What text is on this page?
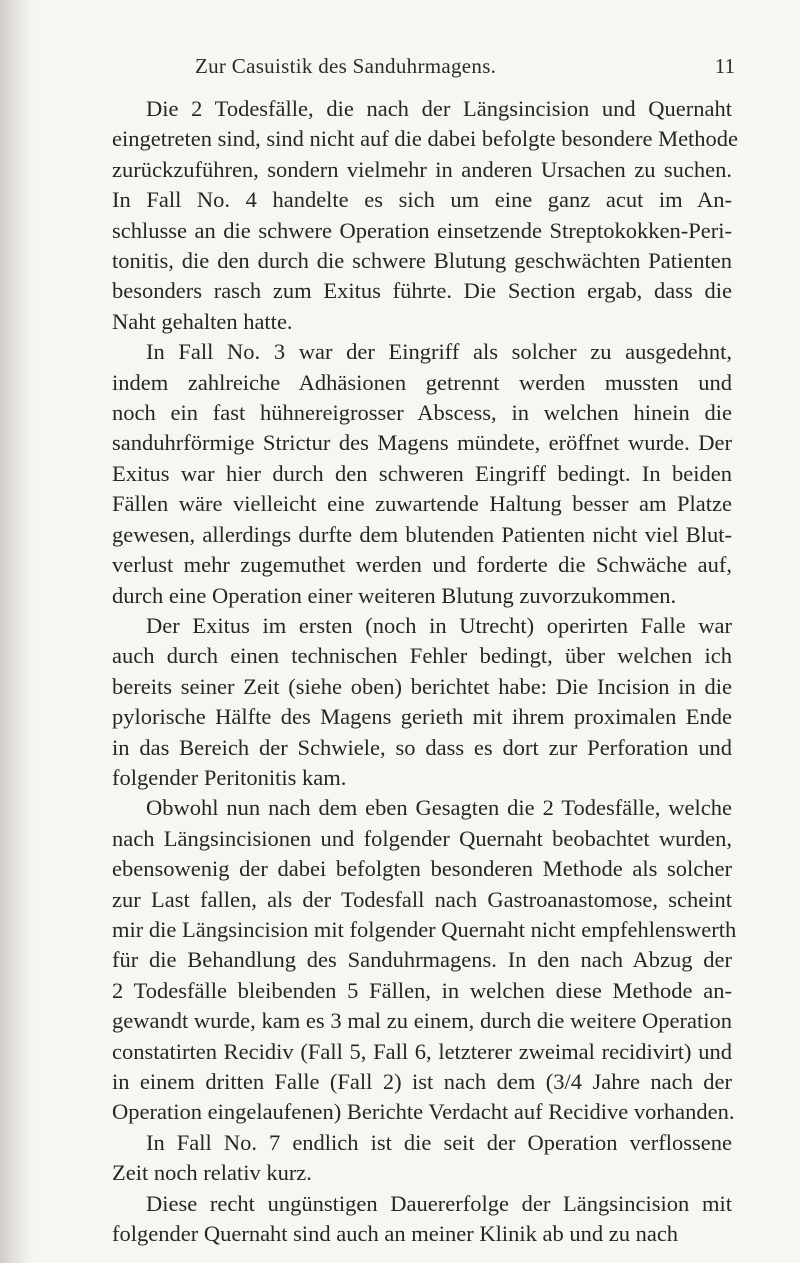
Zur Casuistik des Sanduhrmagens.	11
Die 2 Todesfälle, die nach der Längsincision und Quernaht
eingetreten sind, sind nicht auf die dabei befolgte besondere Methode
zurückzuführen, sondern vielmehr in anderen Ursachen zu suchen.
In Fall No. 4 handelte es sich um eine ganz acut im An-
schlusse an die schwere Operation einsetzende Streptokokken-Peri-
tonitis, die den durch die schwere Blutung geschwächten Patienten
besonders rasch zum Exitus führte. Die Section ergab, dass die
Naht gehalten hatte.
In Fall No. 3 war der Eingriff als solcher zu ausgedehnt,
indem zahlreiche Adhäsionen getrennt werden mussten und
noch ein fast hühnereigrosser Abscess, in welchen hinein die
sanduhrförmige Strictur des Magens mündete, eröffnet wurde. Der
Exitus war hier durch den schweren Eingriff bedingt. In beiden
Fällen wäre vielleicht eine zuwartende Haltung besser am Platze
gewesen, allerdings durfte dem blutenden Patienten nicht viel Blut-
verlust mehr zugemuthet werden und forderte die Schwäche auf,
durch eine Operation einer weiteren Blutung zuvorzukommen.
Der Exitus im ersten (noch in Utrecht) operirten Falle war
auch durch einen technischen Fehler bedingt, über welchen ich
bereits seiner Zeit (siehe oben) berichtet habe: Die Incision in die
pylorische Hälfte des Magens gerieth mit ihrem proximalen Ende
in das Bereich der Schwiele, so dass es dort zur Perforation und
folgender Peritonitis kam.
Obwohl nun nach dem eben Gesagten die 2 Todesfälle, welche
nach Längsincisionen und folgender Quernaht beobachtet wurden,
ebensowenig der dabei befolgten besonderen Methode als solcher
zur Last fallen, als der Todesfall nach Gastroanastomose, scheint
mir die Längsincision mit folgender Quernaht nicht empfehlenswerth
für die Behandlung des Sanduhrmagens. In den nach Abzug der
2 Todesfälle bleibenden 5 Fällen, in welchen diese Methode an-
gewandt wurde, kam es 3 mal zu einem, durch die weitere Operation
constatirten Recidiv (Fall 5, Fall 6, letzterer zweimal recidivirt) und
in einem dritten Falle (Fall 2) ist nach dem (3/4 Jahre nach der
Operation eingelaufenen) Berichte Verdacht auf Recidive vorhanden.
In Fall No. 7 endlich ist die seit der Operation verflossene
Zeit noch relativ kurz.
Diese recht ungünstigen Dauererfolge der Längsincision mit
folgender Quernaht sind auch an meiner Klinik ab und zu nach
